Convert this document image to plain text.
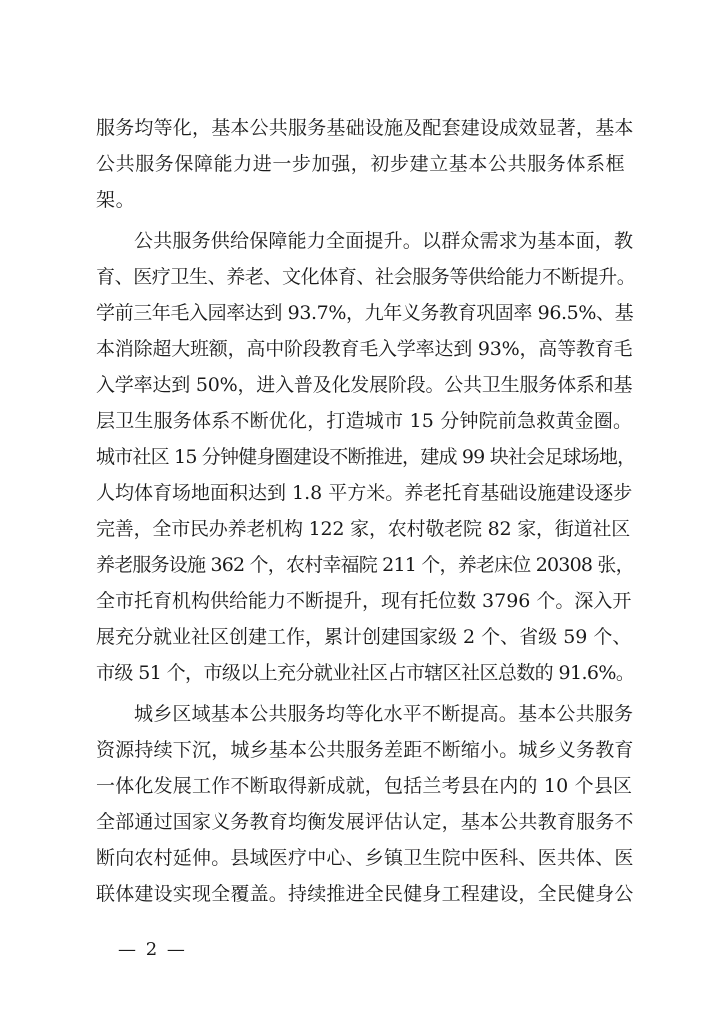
服务均等化，基本公共服务基础设施及配套建设成效显著，基本
公共服务保障能力进一步加强，初步建立基本公共服务体系框
架。
公共服务供给保障能力全面提升。以群众需求为基本面，教
育、医疗卫生、养老、文化体育、社会服务等供给能力不断提升。
学前三年毛入园率达到 93.7%，九年义务教育巩固率 96.5%、基
本消除超大班额，高中阶段教育毛入学率达到 93%，高等教育毛
入学率达到 50%，进入普及化发展阶段。公共卫生服务体系和基
层卫生服务体系不断优化，打造城市 15 分钟院前急救黄金圈。
城市社区 15 分钟健身圈建设不断推进，建成 99 块社会足球场地，
人均体育场地面积达到 1.8 平方米。养老托育基础设施建设逐步
完善，全市民办养老机构 122 家，农村敬老院 82 家，街道社区
养老服务设施 362 个，农村幸福院 211 个，养老床位 20308 张，
全市托育机构供给能力不断提升，现有托位数 3796 个。深入开
展充分就业社区创建工作，累计创建国家级 2 个、省级 59 个、
市级 51 个，市级以上充分就业社区占市辖区社区总数的 91.6%。
城乡区域基本公共服务均等化水平不断提高。基本公共服务
资源持续下沉，城乡基本公共服务差距不断缩小。城乡义务教育
一体化发展工作不断取得新成就，包括兰考县在内的 10 个县区
全部通过国家义务教育均衡发展评估认定，基本公共教育服务不
断向农村延伸。县域医疗中心、乡镇卫生院中医科、医共体、医
联体建设实现全覆盖。持续推进全民健身工程建设，全民健身公
— 2 —
